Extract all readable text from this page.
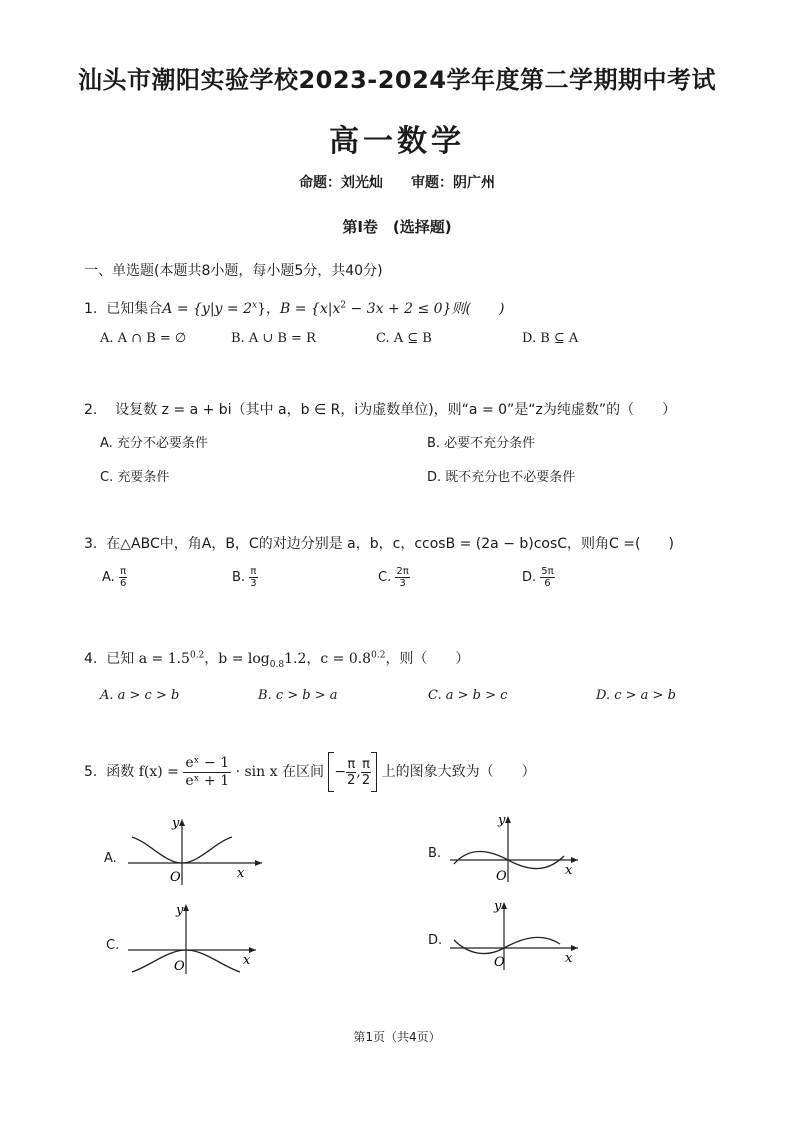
汕头市潮阳实验学校2023-2024学年度第二学期期中考试
高一数学
命题：刘光灿 审题：阴广州
第Ⅰ卷　(选择题)
一、单选题(本题共8小题，每小题5分，共40分)
1. 已知集合$A = \{y|y = 2^x\}$，$B = \{x|x^2 - 3x + 2 \le 0\}$则(　　)
A. A ∩ B = ∅	B. A ∪ B = R	C. A ⊆ B	D. B ⊆ A
2. 设复数 z = a + bi（其中 a，b ∈ R，i为虚数单位)，则“a = 0”是“z为纯虚数”的（　　）
A. 充分不必要条件	B. 必要不充分条件
C. 充要条件	D. 既不充分也不必要条件
3. 在△ABC中，角A，B，C的对边分别是 a，b，c，ccosB = (2a − b)cosC，则角C =(　　)
A. $\frac{\pi}{6}$	B. $\frac{\pi}{3}$	C. $\frac{2\pi}{3}$	D. $\frac{5\pi}{6}$
4. 已知 $a = 1.5^{0.2}$，$b = \log_{0.8}1.2$，$c = 0.8^{0.2}$，则（　　）
A. a > c > b	B. c > b > a	C. a > b > c	D. c > a > b
5. 函数 $f(x) = \frac{\text{eˣ − 1}}{\text{eˣ + 1}} \cdot \sin x$ 在区间 − $\frac{\pi}{2}$ , $\frac{\pi}{2}$ 上的图象大致为（　　）
A.
y
x
O
B.
y
x
O
C.
y
x
O
D.
y
x
O
第1页（共4页）
